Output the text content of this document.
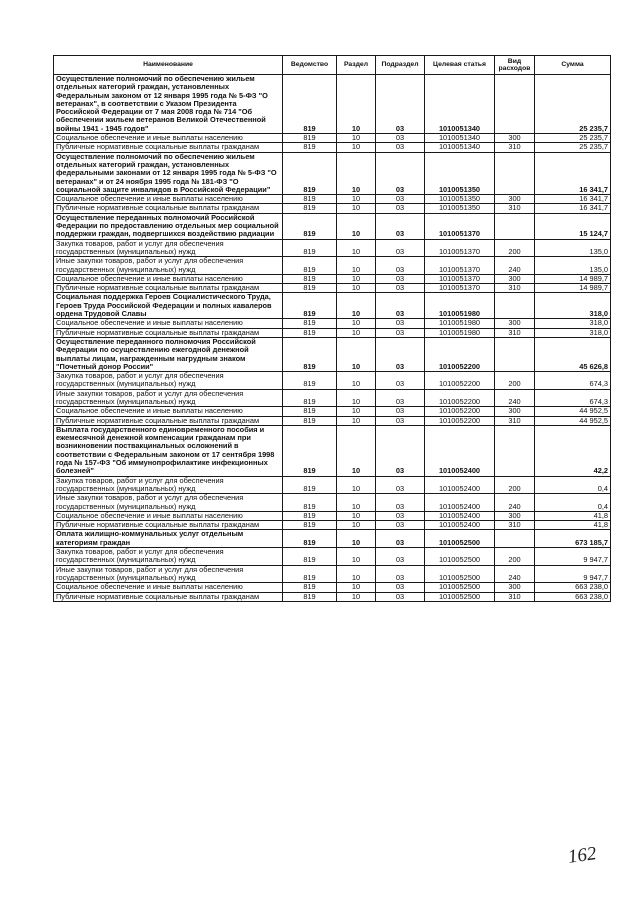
Наименование	Ведомство	Раздел	Подраздел	Целевая статья	Вид расходов	Сумма
Осуществление полномочий по обеспечению жильем отдельных категорий граждан, установленных Федеральным законом от 12 января 1995 года № 5-ФЗ "О ветеранах", в соответствии с Указом Президента Российской Федерации от 7 мая 2008 года № 714 "Об обеспечении жильем ветеранов Великой Отечественной войны 1941 - 1945 годов"	819	10	03	1010051340		25 235,7
Социальное обеспечение и иные выплаты населению	819	10	03	1010051340	300	25 235,7
Публичные нормативные социальные выплаты гражданам	819	10	03	1010051340	310	25 235,7
Осуществление полномочий по обеспечению жильем отдельных категорий граждан, установленных федеральными законами от 12 января 1995 года № 5-ФЗ "О ветеранах" и от 24 ноября 1995 года № 181-ФЗ "О социальной защите инвалидов в Российской Федерации"	819	10	03	1010051350		16 341,7
Социальное обеспечение и иные выплаты населению	819	10	03	1010051350	300	16 341,7
Публичные нормативные социальные выплаты гражданам	819	10	03	1010051350	310	16 341,7
Осуществление переданных полномочий Российской Федерации по предоставлению отдельных мер социальной поддержки граждан, подвергшихся воздействию радиации	819	10	03	1010051370		15 124,7
Закупка товаров, работ и услуг для обеспечения государственных (муниципальных) нужд	819	10	03	1010051370	200	135,0
Иные закупки товаров, работ и услуг для обеспечения государственных (муниципальных) нужд	819	10	03	1010051370	240	135,0
Социальное обеспечение и иные выплаты населению	819	10	03	1010051370	300	14 989,7
Публичные нормативные социальные выплаты гражданам	819	10	03	1010051370	310	14 989,7
Социальная поддержка Героев Социалистического Труда, Героев Труда Российской Федерации и полных кавалеров ордена Трудовой Славы	819	10	03	1010051980		318,0
Социальное обеспечение и иные выплаты населению	819	10	03	1010051980	300	318,0
Публичные нормативные социальные выплаты гражданам	819	10	03	1010051980	310	318,0
Осуществление переданного полномочия Российской Федерации по осуществлению ежегодной денежной выплаты лицам, награжденным нагрудным знаком "Почетный донор России"	819	10	03	1010052200		45 626,8
Закупка товаров, работ и услуг для обеспечения государственных (муниципальных) нужд	819	10	03	1010052200	200	674,3
Иные закупки товаров, работ и услуг для обеспечения государственных (муниципальных) нужд	819	10	03	1010052200	240	674,3
Социальное обеспечение и иные выплаты населению	819	10	03	1010052200	300	44 952,5
Публичные нормативные социальные выплаты гражданам	819	10	03	1010052200	310	44 952,5
Выплата государственного единовременного пособия и ежемесячной денежной компенсации гражданам при возникновении поствакцинальных осложнений в соответствии с Федеральным законом от 17 сентября 1998 года № 157-ФЗ "Об иммунопрофилактике инфекционных болезней"	819	10	03	1010052400		42,2
Закупка товаров, работ и услуг для обеспечения государственных (муниципальных) нужд	819	10	03	1010052400	200	0,4
Иные закупки товаров, работ и услуг для обеспечения государственных (муниципальных) нужд	819	10	03	1010052400	240	0,4
Социальное обеспечение и иные выплаты населению	819	10	03	1010052400	300	41,8
Публичные нормативные социальные выплаты гражданам	819	10	03	1010052400	310	41,8
Оплата жилищно-коммунальных услуг отдельным категориям граждан	819	10	03	1010052500		673 185,7
Закупка товаров, работ и услуг для обеспечения государственных (муниципальных) нужд	819	10	03	1010052500	200	9 947,7
Иные закупки товаров, работ и услуг для обеспечения государственных (муниципальных) нужд	819	10	03	1010052500	240	9 947,7
Социальное обеспечение и иные выплаты населению	819	10	03	1010052500	300	663 238,0
Публичные нормативные социальные выплаты гражданам	819	10	03	1010052500	310	663 238,0
162
